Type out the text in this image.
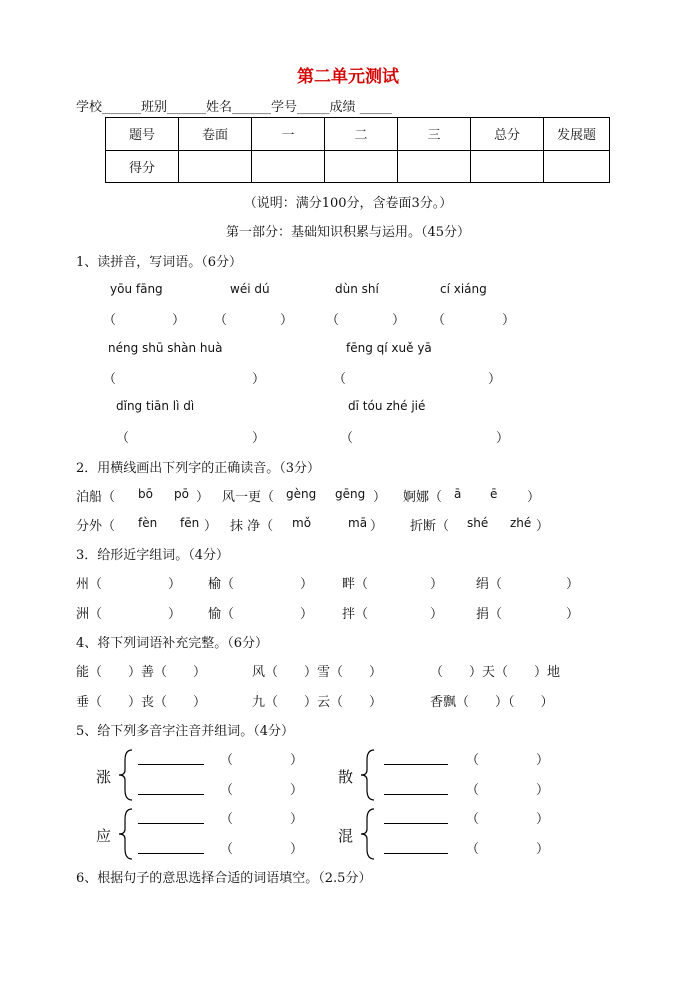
第二单元测试
学校______班别______姓名______学号_____成绩 _____
题号	卷面	一	二	三	总分	发展题
得分						
（说明：满分100分，含卷面3分。）
第一部分：基础知识积累与运用。（45分）
1、读拼音，写词语。（6分）
yōu fāng	wéi dú	dùn shí	cí xiáng
（	） （	）	（	） （	）
néng shū shàn huà	fēng qí xuě yā
（	）	（	）
dǐng tiān lì dì	dī tóu zhé jié
（	）	（	）
2．用横线画出下列字的正确读音。（3分）
泊船（ bō pō ） 风一更（ gèng gēng ） 婀娜（ ā ē ）
分外（ fèn fēn ） 抹 净（ mǒ	mā ） 折断（ shé zhé ）
3．给形近字组词。（4分）
州（	） 榆（	） 畔（	）	绢（	）
洲（	） 愉（	） 拌（	）	捐（	）
4、将下列词语补充完整。（6分）
能（　　）善（　　）	风（　　）雪（　　）	（　　）天（　　）地
垂（　　）丧（　　）	九（　　）云（　　）	香飘（　　）（　　）
5、给下列多音字注音并组词。（4分）
涨
（	）
（	）
散
（	）
（	）
应
（	）
（	）
混
（	）
（	）
6、根据句子的意思选择合适的词语填空。（2.5分）
